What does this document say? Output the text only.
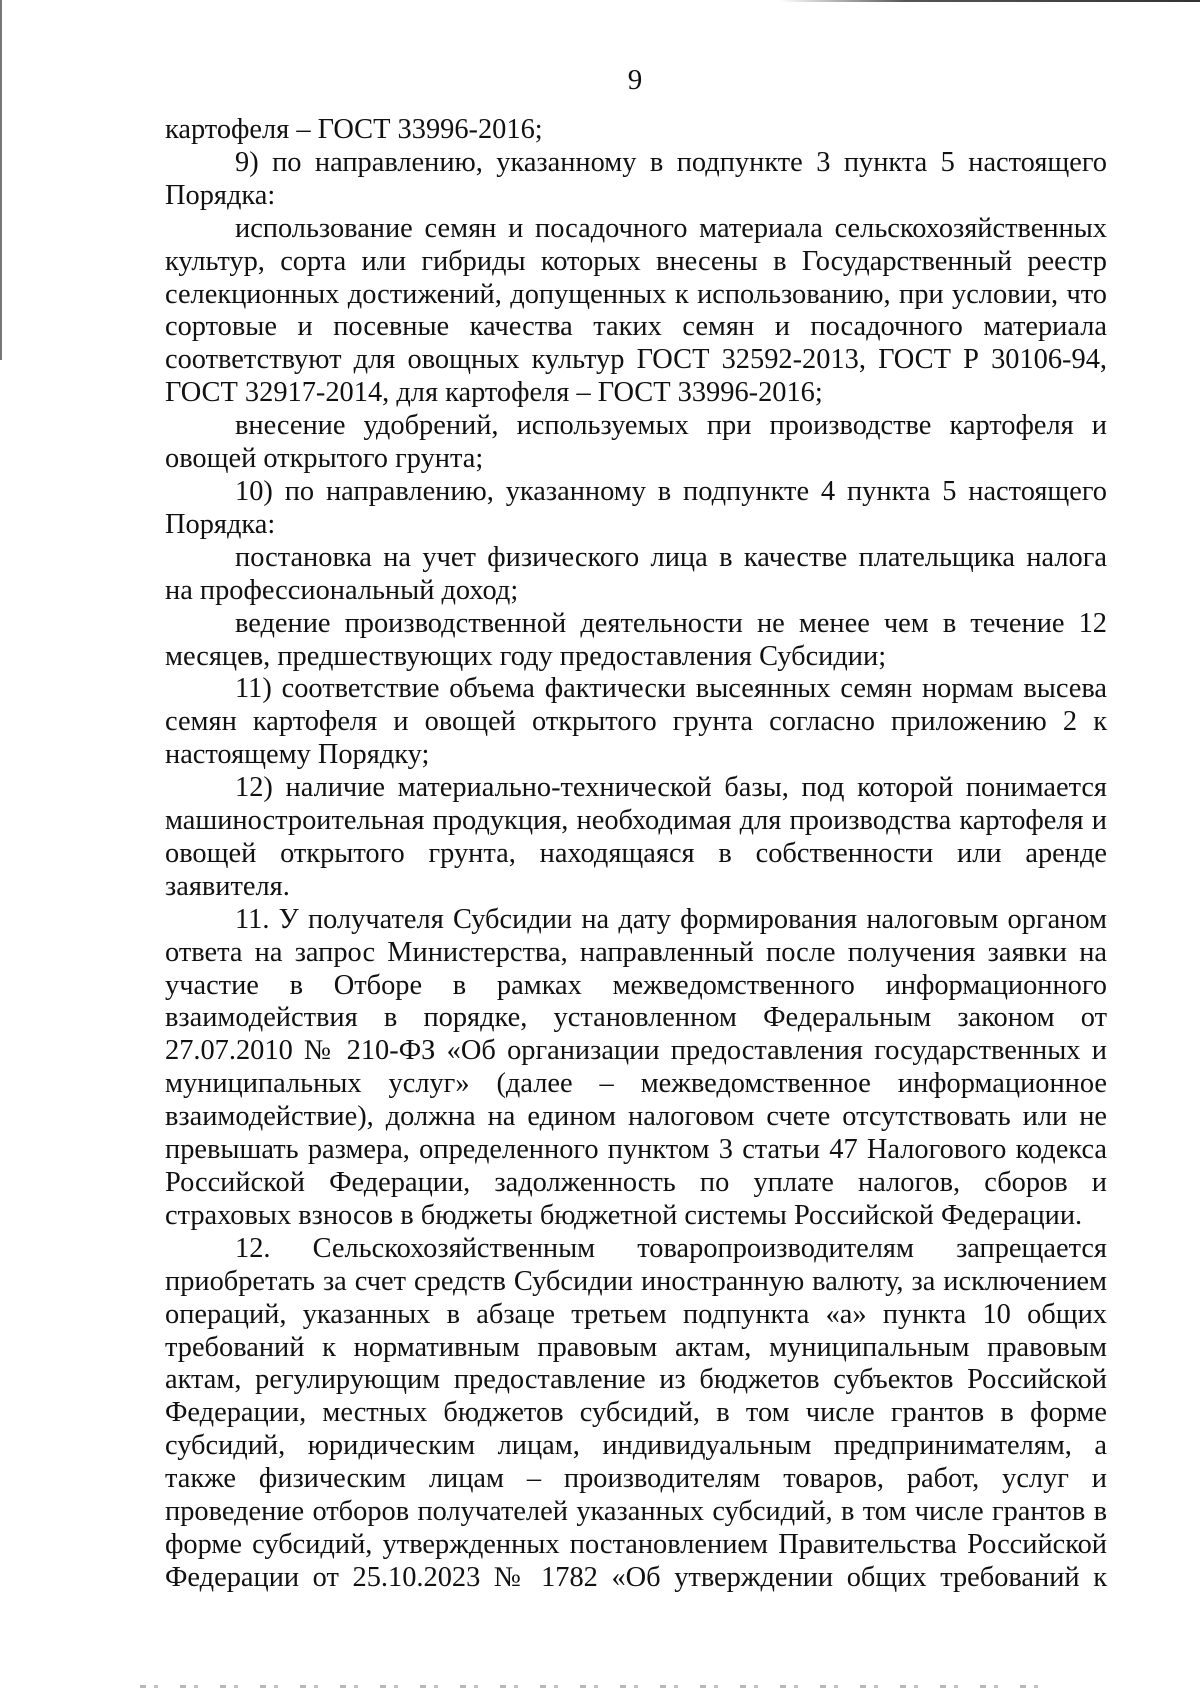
9

картофеля – ГОСТ 33996-2016;

9) по направлению, указанному в подпункте 3 пункта 5 настоящего Порядка:

использование семян и посадочного материала сельскохозяйственных культур, сорта или гибриды которых внесены в Государственный реестр селекционных достижений, допущенных к использованию, при условии, что сортовые и посевные качества таких семян и посадочного материала соответствуют для овощных культур ГОСТ 32592-2013, ГОСТ Р 30106-94, ГОСТ 32917-2014, для картофеля – ГОСТ 33996-2016;

внесение удобрений, используемых при производстве картофеля и овощей открытого грунта;

10) по направлению, указанному в подпункте 4 пункта 5 настоящего Порядка:

постановка на учет физического лица в качестве плательщика налога на профессиональный доход;

ведение производственной деятельности не менее чем в течение 12 месяцев, предшествующих году предоставления Субсидии;

11) соответствие объема фактически высеянных семян нормам высева семян картофеля и овощей открытого грунта согласно приложению 2 к настоящему Порядку;

12) наличие материально-технической базы, под которой понимается машиностроительная продукция, необходимая для производства картофеля и овощей открытого грунта, находящаяся в собственности или аренде заявителя.

11. У получателя Субсидии на дату формирования налоговым органом ответа на запрос Министерства, направленный после получения заявки на участие в Отборе в рамках межведомственного информационного взаимодействия в порядке, установленном Федеральным законом от 27.07.2010 № 210-ФЗ «Об организации предоставления государственных и муниципальных услуг» (далее – межведомственное информационное взаимодействие), должна на едином налоговом счете отсутствовать или не превышать размера, определенного пунктом 3 статьи 47 Налогового кодекса Российской Федерации, задолженность по уплате налогов, сборов и страховых взносов в бюджеты бюджетной системы Российской Федерации.

12. Сельскохозяйственным товаропроизводителям запрещается приобретать за счет средств Субсидии иностранную валюту, за исключением операций, указанных в абзаце третьем подпункта «а» пункта 10 общих требований к нормативным правовым актам, муниципальным правовым актам, регулирующим предоставление из бюджетов субъектов Российской Федерации, местных бюджетов субсидий, в том числе грантов в форме субсидий, юридическим лицам, индивидуальным предпринимателям, а также физическим лицам – производителям товаров, работ, услуг и проведение отборов получателей указанных субсидий, в том числе грантов в форме субсидий, утвержденных постановлением Правительства Российской Федерации от 25.10.2023 № 1782 «Об утверждении общих требований к
